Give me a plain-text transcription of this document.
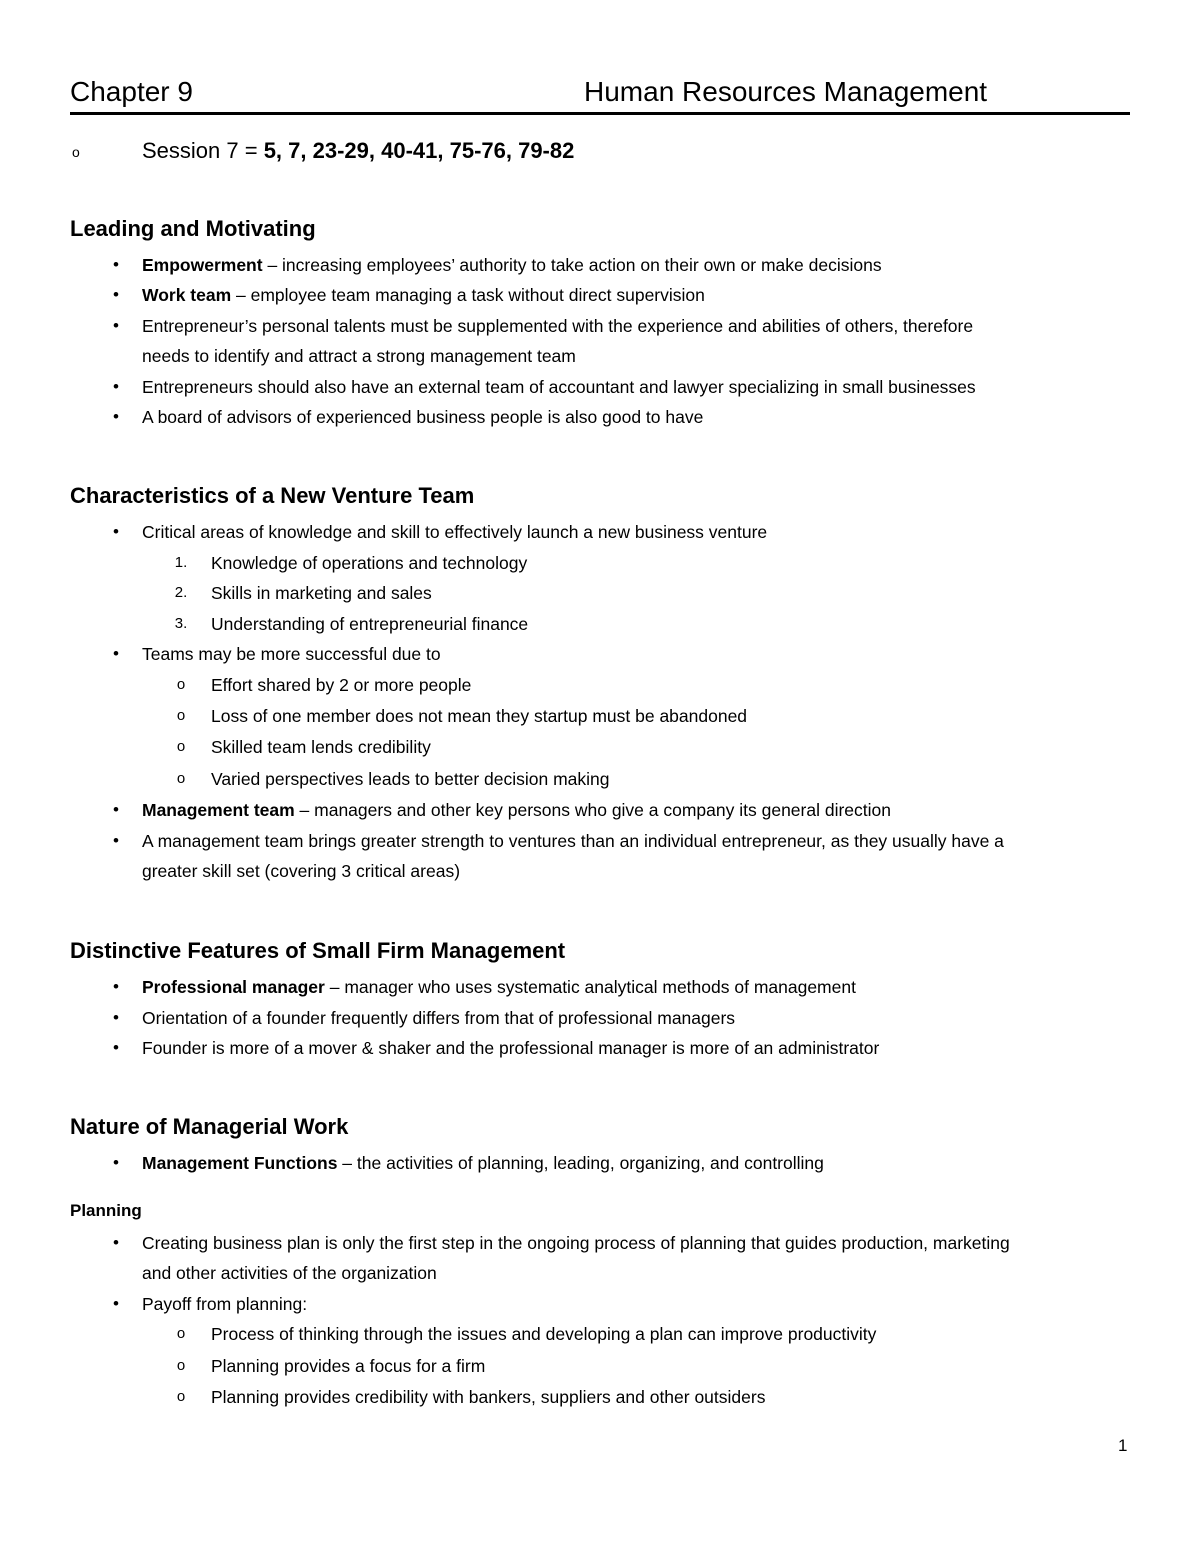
Chapter 9	Human Resources Management
o	Session 7 = 5, 7, 23-29, 40-41, 75-76, 79-82
Leading and Motivating
•	Empowerment – increasing employees’ authority to take action on their own or make decisions
•	Work team – employee team managing a task without direct supervision
•	Entrepreneur’s personal talents must be supplemented with the experience and abilities of others, therefore
needs to identify and attract a strong management team
•	Entrepreneurs should also have an external team of accountant and lawyer specializing in small businesses
•	A board of advisors of experienced business people is also good to have
Characteristics of a New Venture Team
•	Critical areas of knowledge and skill to effectively launch a new business venture
1. Knowledge of operations and technology
2. Skills in marketing and sales
3. Understanding of entrepreneurial finance
•	Teams may be more successful due to
o	Effort shared by 2 or more people
o	Loss of one member does not mean they startup must be abandoned
o	Skilled team lends credibility
o	Varied perspectives leads to better decision making
•	Management team – managers and other key persons who give a company its general direction
•	A management team brings greater strength to ventures than an individual entrepreneur, as they usually have a
greater skill set (covering 3 critical areas)
Distinctive Features of Small Firm Management
•	Professional manager – manager who uses systematic analytical methods of management
•	Orientation of a founder frequently differs from that of professional managers
•	Founder is more of a mover & shaker and the professional manager is more of an administrator
Nature of Managerial Work
•	Management Functions – the activities of planning, leading, organizing, and controlling
Planning
•	Creating business plan is only the first step in the ongoing process of planning that guides production, marketing
and other activities of the organization
•	Payoff from planning:
o	Process of thinking through the issues and developing a plan can improve productivity
o	Planning provides a focus for a firm
o	Planning provides credibility with bankers, suppliers and other outsiders
1
